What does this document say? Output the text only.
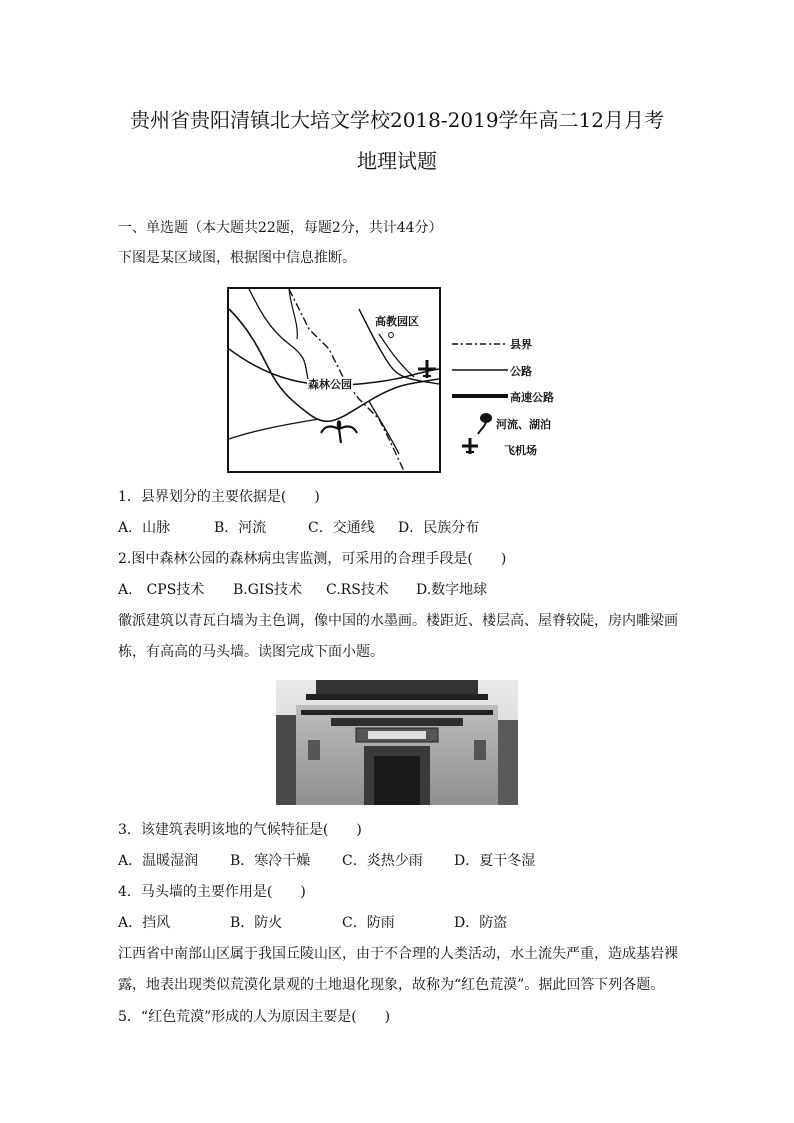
贵州省贵阳清镇北大培文学校2018-2019学年高二12月月考
地理试题
一、单选题（本大题共22题，每题2分，共计44分）
下图是某区域图，根据图中信息推断。
高教园区
森林公园
县界
公路
高速公路
河流、湖泊
飞机场
1．县界划分的主要依据是(　　)
A．山脉	B．河流	C．交通线 D．民族分布
2.图中森林公园的森林病虫害监测，可采用的合理手段是(　　)
A.　CPS技术 B.GIS技术 C.RS技术 D.数字地球
徽派建筑以青瓦白墙为主色调，像中国的水墨画。楼距近、楼层高、屋脊较陡，房内雕梁画
栋，有高高的马头墙。读图完成下面小题。
3．该建筑表明该地的气候特征是(　　)
A．温暖湿润 B．寒冷干燥 C．炎热少雨 D．夏干冬湿
4．马头墙的主要作用是(　　)
A．挡风	B．防火	C．防雨	D．防盗
江西省中南部山区属于我国丘陵山区，由于不合理的人类活动，水土流失严重，造成基岩裸
露，地表出现类似荒漠化景观的土地退化现象，故称为“红色荒漠”。据此回答下列各题。
5．“红色荒漠”形成的人为原因主要是(　　)
